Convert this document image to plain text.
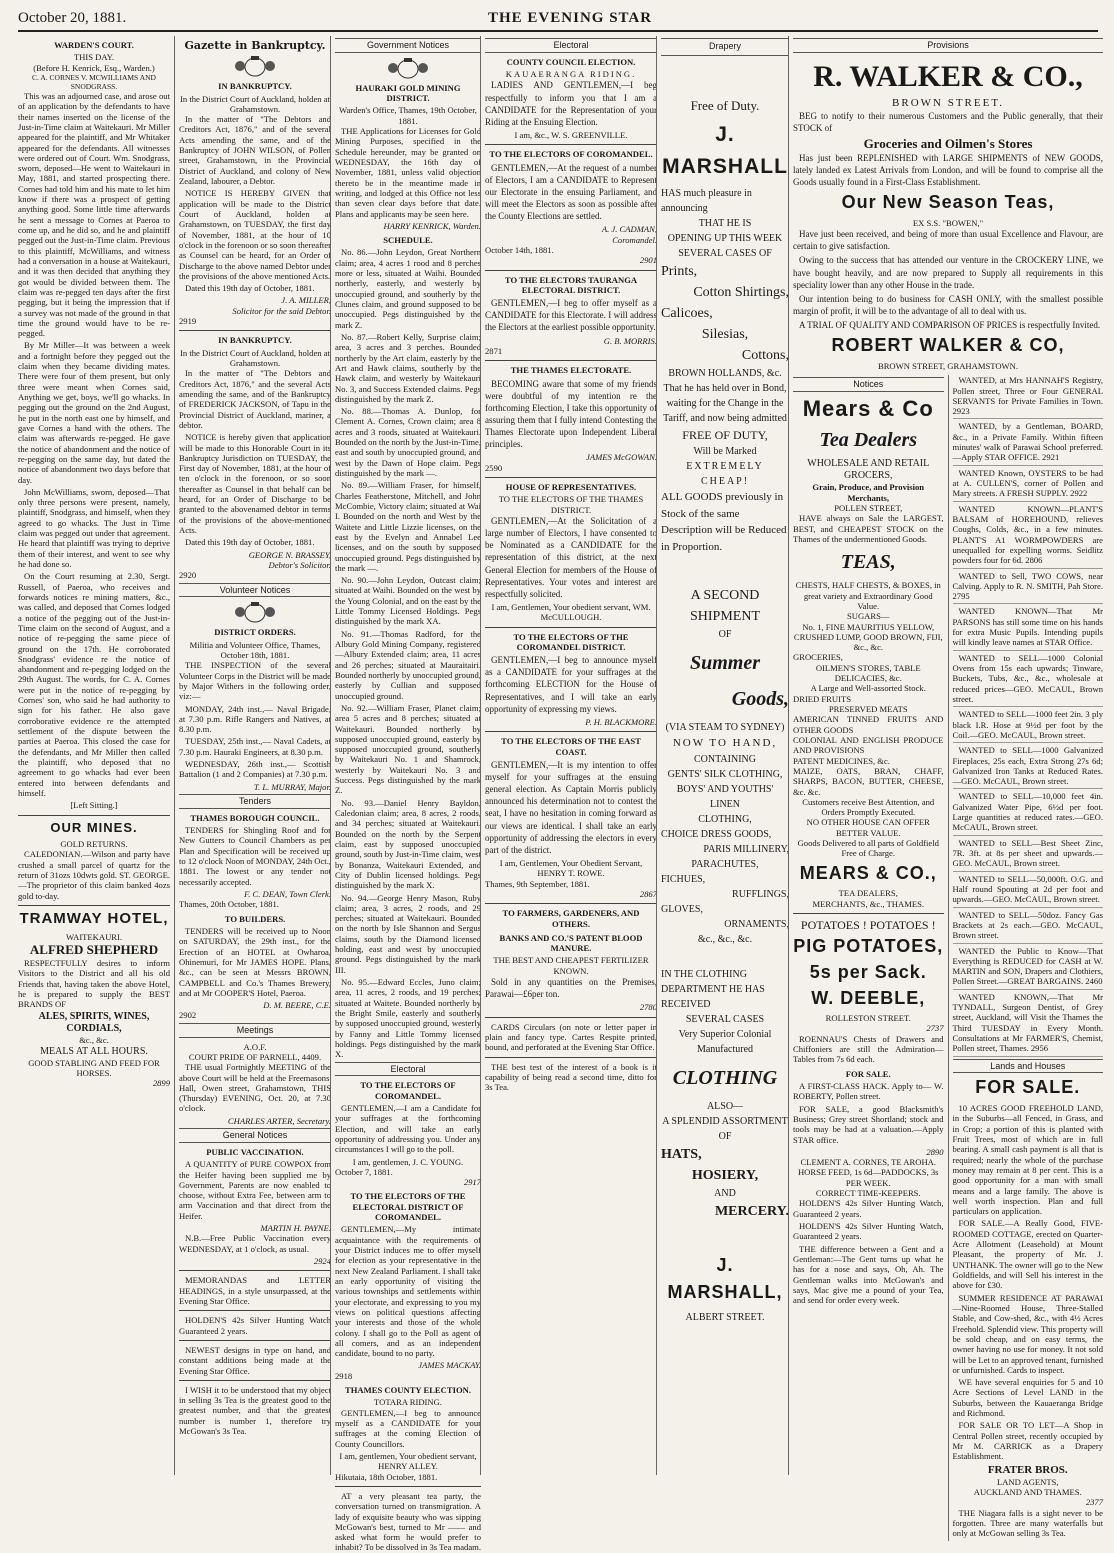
October 20, 1881.	THE EVENING STAR
WARDEN'S COURT.
THIS DAY.
(Before H. Kenrick, Esq., Warden.)
C. A. CORNES V. MCWILLIAMS AND SNODGRASS.

This was an adjourned case, and arose out of an application by the defendants to have their names inserted on the license of the Just-in-Time claim at Waitekauri. Mr Miller appeared for the plaintiff, and Mr Whitaker appeared for the defendants. All witnesses were ordered out of Court. Wm. Snodgrass, sworn, deposed—He went to Waitekauri in May, 1881, and started prospecting there. Cornes had told him and his mate to let him know if there was a prospect of getting anything good. Some little time afterwards he sent a message to Cornes at Paeroa to come up, and he did so, and he and plaintiff pegged out the Just-in-Time claim. Previous to this plaintiff, McWilliams, and witness had a conversation in a house at Waitekauri, and it was then decided that anything they got would be divided between them. The claim was re-pegged ten days after the first pegging, but it being the impression that if a survey was not made of the ground in that time the ground would have to be re-pegged.

By Mr Miller—It was between a week and a fortnight before they pegged out the claim when they became dividing mates. There were four of them present, but only three were meant when Cornes said, Anything we get, boys, we'll go whacks. In pegging out the ground on the 2nd August, he put in the north east one by himself, and gave Cornes a hand with the others. The claim was afterwards re-pegged. He gave the notice of abandonment and the notice of re-pegging on the same day, but dated the notice of abandonment two days before that day.

John McWilliams, sworn, deposed—That only three persons were present, namely, plaintiff, Snodgrass, and himself, when they agreed to go whacks. The Just in Time claim was pegged out under that agreement. He heard that plaintiff was trying to deprive them of their interest, and went to see why he had done so.

On the Court resuming at 2.30, Sergt. Russell, of Paeroa, who receives and forwards notices re mining matters, &c., was called, and deposed that Cornes lodged a notice of the pegging out of the Just-in-Time claim on the second of August, and a notice of re-pegging the same piece of ground on the 17th. He corroborated Snodgrass' evidence re the notice of abandonment and re-pegging lodged on the 29th August. The words, for C. A. Cornes were put in the notice of re-pegging by Cornes' son, who said he had authority to sign for his father. He also gave corroborative evidence re the attempted settlement of the dispute between the parties at Paeroa. This closed the case for the defendants, and Mr Miller then called the plaintiff, who deposed that no agreement to go whacks had ever been entered into between defendants and himself.

[Left Sitting.]
OUR MINES.
GOLD RETURNS.

CALEDONIAN.—Wilson and party have crushed a small parcel of quartz for the return of 31ozs 10dwts gold. ST. GEORGE.—The proprietor of this claim banked 4ozs gold to-day.

TRAMWAY HOTEL,
WAITEKAURI.
ALFRED SHEPHERD

RESPECTFULLY desires to inform Visitors to the District and all his old Friends that, having taken the above Hotel, he is prepared to supply the BEST BRANDS OF

ALES, SPIRITS, WINES, CORDIALS,
&c., &c.
MEALS AT ALL HOURS.
GOOD STABLING AND FEED FOR HORSES.
2899
Gazette in Bankruptcy.
IN BANKRUPTCY.
In the District Court of Auckland, holden at Grahamstown.

In the matter of "The Debtors and Creditors Act, 1876," and of the several Acts amending the same, and of the Bankruptcy of JOHN WILSON, of Pollen street, Grahamstown, in the Provincial District of Auckland, and colony of New Zealand, labourer, a Debtor.

NOTICE IS HEREBY GIVEN that application will be made to the District Court of Auckland, holden at Grahamstown, on TUESDAY, the first day of November, 1881, at the hour of 10 o'clock in the forenoon or so soon thereafter as Counsel can be heard, for an Order of Discharge to the above named Debtor under the provisions of the above mentioned Acts.

Dated this 19th day of October, 1881.

J. A. MILLER,
Solicitor for the said Debtor.
2919
IN BANKRUPTCY.
In the District Court of Auckland, holden at Grahamstown.

In the matter of "The Debtors and Creditors Act, 1876," and the several Acts amending the same, and of the Bankruptcy of FREDERICK JACKSON, of Tapu in the Provincial District of Auckland, mariner, a debtor.

NOTICE is hereby given that application will be made to this Honorable Court in its Bankruptcy Jurisdiction on TUESDAY, the First day of November, 1881, at the hour of ten o'clock in the forenoon, or so soon thereafter as Counsel in that behalf can be heard, for an Order of Discharge to be granted to the abovenamed debtor in terms of the provisions of the above-mentioned Acts.

Dated this 19th day of October, 1881.

GEORGE N. BRASSEY,
Debtor's Solicitor.
2920
Volunteer Notices
DISTRICT ORDERS.
Militia and Volunteer Office, Thames, October 18th, 1881.

THE INSPECTION of the several Volunteer Corps in the District will be made by Major Withers in the following order, viz:—

MONDAY, 24th inst.,— Naval Brigade, at 7.30 p.m. Rifle Rangers and Natives, at 8.30 p.m.

TUESDAY, 25th inst.,— Naval Cadets, at 7.30 p.m. Hauraki Engineers, at 8.30 p.m.

WEDNESDAY, 26th inst.,— Scottish Battalion (1 and 2 Companies) at 7.30 p.m.

T. L. MURRAY, Major.
Tenders
THAMES BOROUGH COUNCIL.

TENDERS for Shingling Roof and for New Gutters to Council Chambers as per Plan and Specification will be received up to 12 o'clock Noon of MONDAY, 24th Oct., 1881. The lowest or any tender not necessarily accepted.

F. C. DEAN, Town Clerk.
Thames, 20th October, 1881.
TO BUILDERS.

TENDERS will be received up to Noon on SATURDAY, the 29th inst., for the Erection of an HOTEL at Owharoa, Ohinemuri, for Mr JAMES HOPE. Plans, &c., can be seen at Messrs BROWN, CAMPBELL and Co.'s Thames Brewery, and at Mr COOPER'S Hotel, Paeroa.

D. M. BEERE, C.E.
2902
Meetings
A.O.F.
COURT PRIDE OF PARNELL, 4409.

THE usual Fortnightly MEETING of the above Court will be held at the Freemasons' Hall, Owen street, Grahamstown, THIS (Thursday) EVENING, Oct. 20, at 7.30 o'clock.

CHARLES ARTER, Secretary.
General Notices
PUBLIC VACCINATION.

A QUANTITY of PURE COWPOX from the Heifer having been supplied me by Government, Parents are now enabled to choose, without Extra Fee, between arm to arm Vaccination and that direct from the Heifer.

MARTIN H. PAYNE.

N.B.—Free Public Vaccination every WEDNESDAY, at 1 o'clock, as usual.

2924

MEMORANDAS and LETTER HEADINGS, in a style unsurpassed, at the Evening Star Office.

HOLDEN'S 42s Silver Hunting Watch Guaranteed 2 years.

NEWEST designs in type on hand, and constant additions being made at the Evening Star Office.

I WISH it to be understood that my object in selling 3s Tea is the greatest good to the greatest number, and that the greatest number is number 1, therefore try McGowan's 3s Tea.

Government Notices
HAURAKI GOLD MINING DISTRICT.
Warden's Office, Thames, 19th October, 1881.

THE Applications for Licenses for Gold Mining Purposes, specified in the Schedule hereunder, may be granted on WEDNESDAY, the 16th day of November, 1881, unless valid objection thereto be in the meantime made in writing, and lodged at this Office not less than seven clear days before that date. Plans and applicants may be seen here.

HARRY KENRICK, Warden.
SCHEDULE.

No. 86.—John Leydon, Great Northern claim; area, 4 acres 1 rood and 8 perches more or less, situated at Waihi. Bounded northerly, easterly, and westerly by unoccupied ground, and southerly by the Clunes claim, and ground supposed to be unoccupied. Pegs distinguished by the mark Z.

No. 87.—Robert Kelly, Surprise claim; area, 3 acres and 3 perches. Bounded northerly by the Art claim, easterly by the Art and Hawk claims, southerly by the Hawk claim, and westerly by Waitekauri No. 3, and Success Extended claims. Pegs distinguished by the mark Z.

No. 88.—Thomas A. Dunlop, for Clement A. Cornes, Crown claim; area 8 acres and 3 roods, situated at Waitekauri. Bounded on the north by the Just-in-Time, east and south by unoccupied ground, and west by the Dawn of Hope claim. Pegs distinguished by the mark —.

No. 89.—William Fraser, for himself, Charles Featherstone, Mitchell, and John McCombie, Victory claim; situated at Wai I. Bounded on the north and West by the Waitete and Little Lizzie licenses, on the east by the Evelyn and Annabel Lee licenses, and on the south by supposed unoccupied ground. Pegs distinguished by the mark —.

No. 90.—John Leydon, Outcast claim; situated at Waihi. Bounded on the west by the Young Colonial, and on the east by the Little Tommy Licensed Holdings. Pegs distinguished by the mark XA.

No. 91.—Thomas Radford, for the Albury Gold Mining Company, registered—Albury Extended claim; area, 11 acres and 26 perches; situated at Mauraitairi. Bounded northerly by unoccupied ground, easterly by Cullian and supposed unoccupied ground.

No. 92.—William Fraser, Planet claim; area 5 acres and 8 perches; situated at Waitekauri. Bounded northerly by supposed unoccupied ground, easterly by supposed unoccupied ground, southerly by Waitekauri No. 1 and Shamrock, westerly by Waitekauri No. 3 and Success. Pegs distinguished by the mark Z.

No. 93.—Daniel Henry Bayldon, Caledonian claim; area, 8 acres, 2 roods, and 34 perches; situated at Waitekauri. Bounded on the north by the Serpent claim, east by supposed unoccupied ground, south by Just-in-Time claim, west by Bonanza, Waitekauri Extended, and City of Dublin licensed holdings. Pegs distinguished by the mark X.

No. 94.—George Henry Mason, Ruby claim; area, 3 acres, 2 roods, and 29 perches; situated at Waitekauri. Bounded on the north by Isle Shannon and Sergus claims, south by the Diamond licensed holding, east and west by unoccupied ground. Pegs distinguished by the mark III.

No. 95.—Edward Eccles, Juno claim; area, 11 acres, 2 roods, and 19 perches; situated at Waitete. Bounded northerly by the Bright Smile, easterly and southerly by supposed unoccupied ground, westerly by Fanny and Little Tommy licensed holdings. Pegs distinguished by the mark X.

Electoral
TO THE ELECTORS OF COROMANDEL.

GENTLEMEN,—I am a Candidate for your suffrages at the forthcoming Election, and will take an early opportunity of addressing you. Under any circumstances I will go to the poll.

I am, gentlemen, J. C. YOUNG.
October 7, 1881.
2917
TO THE ELECTORS OF THE ELECTORAL DISTRICT OF COROMANDEL.

GENTLEMEN,—My intimate acquaintance with the requirements of your District induces me to offer myself for election as your representative in the next New Zealand Parliament. I shall take an early opportunity of visiting the various townships and settlements within your electorate, and expressing to you my views on political questions affecting your interests and those of the whole colony. I shall go to the Poll as agent of all comers, and as an independent candidate, bound to no party.

JAMES MACKAY.
2918
THAMES COUNTY ELECTION.
TOTARA RIDING.

GENTLEMEN,—I beg to announce myself as a CANDIDATE for your suffrages at the coming Election of County Councillors.

I am, gentlemen, Your obedient servant, HENRY ALLEY.
Hikutaia, 18th October, 1881.

AT a very pleasant tea party, the conversation turned on transmigration. A lady of exquisite beauty who was sipping McGowan's best, turned to Mr —— and asked what form he would prefer to inhabit? To be dissolved in 3s Tea madam.

Electoral
COUNTY COUNCIL ELECTION.
KAUAERANGA RIDING.

LADIES AND GENTLEMEN,—I beg respectfully to inform you that I am a CANDIDATE for the Representation of your Riding at the Ensuing Election.

I am, &c., W. S. GREENVILLE.
TO THE ELECTORS OF COROMANDEL.

GENTLEMEN,—At the request of a number of Electors, I am a CANDIDATE to Represent our Electorate in the ensuing Parliament, and will meet the Electors as soon as possible after the County Elections are settled.

A. J. CADMAN,
Coromandel.
October 14th, 1881.
2901
TO THE ELECTORS TAURANGA ELECTORAL DISTRICT.

GENTLEMEN,—I beg to offer myself as a CANDIDATE for this Electorate. I will address the Electors at the earliest possible opportunity.

G. B. MORRIS.
2871
THE THAMES ELECTORATE.

BECOMING aware that some of my friends were doubtful of my intention re the forthcoming Election, I take this opportunity of assuring them that I fully intend Contesting the Thames Electorate upon Independent Liberal principles.

JAMES McGOWAN.
2590
HOUSE OF REPRESENTATIVES.
TO THE ELECTORS OF THE THAMES DISTRICT.

GENTLEMEN,—At the Solicitation of a large number of Electors, I have consented to be Nominated as a CANDIDATE for the representation of this district, at the next General Election for members of the House of Representatives. Your votes and interest are respectfully solicited.

I am, Gentlemen, Your obedient servant, WM. McCULLOUGH.
TO THE ELECTORS OF THE COROMANDEL DISTRICT.

GENTLEMEN,—I beg to announce myself as a CANDIDATE for your suffrages at the forthcoming ELECTION for the House of Representatives, and I will take an early opportunity of expressing my views.

P. H. BLACKMORE.
TO THE ELECTORS OF THE EAST COAST.

GENTLEMEN,—It is my intention to offer myself for your suffrages at the ensuing general election. As Captain Morris publicly announced his determination not to contest the seat, I have no hesitation in coming forward as our views are identical. I shall take an early opportunity of addressing the electors in every part of the district.

I am, Gentlemen, Your Obedient Servant, HENRY T. ROWE.
Thames, 9th September, 1881.
2867
TO FARMERS, GARDENERS, AND OTHERS.
BANKS AND CO.'S PATENT BLOOD MANURE.
THE BEST AND CHEAPEST FERTILIZER KNOWN.

Sold in any quantities on the Premises, Parawai—£6per ton.

2780

CARDS Circulars (on note or letter paper in plain and fancy type. Cartes Respite printed, bound, and perforated at the Evening Star Office.

THE best test of the interest of a book is it capability of being read a second time, ditto for 3s Tea.

Drapery
Free of Duty.
J. MARSHALL
HAS much pleasure in announcing
THAT HE IS
OPENING UP THIS WEEK
SEVERAL CASES OF
Prints,
Cotton Shirtings,
Calicoes,
Silesias,
Cottons,
BROWN HOLLANDS, &c.
That he has held over in Bond, waiting for the Change in the Tariff, and now being admitted
FREE OF DUTY,
Will be Marked
EXTREMELY CHEAP!
ALL GOODS previously in Stock of the same Description will be Reduced in Proportion.
A SECOND SHIPMENT
OF
Summer
Goods,
(VIA STEAM TO SYDNEY)
NOW TO HAND,
CONTAINING
GENTS' SILK CLOTHING,
BOYS' AND YOUTHS' LINEN
CLOTHING,
CHOICE DRESS GOODS,
PARIS MILLINERY,
PARACHUTES,
FICHUES,
RUFFLINGS,
GLOVES,
ORNAMENTS,
&c., &c., &c.
IN THE CLOTHING DEPARTMENT HE HAS RECEIVED
SEVERAL CASES
Very Superior Colonial Manufactured
CLOTHING
ALSO—
A SPLENDID ASSORTMENT OF
HATS,
HOSIERY,
AND
MERCERY.
J. MARSHALL,
ALBERT STREET.
Provisions
R. WALKER & CO.,
BROWN STREET.

BEG to notify to their numerous Customers and the Public generally, that their STOCK of

Groceries and Oilmen's Stores

Has just been REPLENISHED with LARGE SHIPMENTS of NEW GOODS, lately landed ex Latest Arrivals from London, and will be found to comprise all the Goods usually found in a First-Class Establishment.

Our New Season Teas,
EX S.S. "BOWEN,"

Have just been received, and being of more than usual Excellence and Flavour, are certain to give satisfaction.

Owing to the success that has attended our venture in the CROCKERY LINE, we have bought heavily, and are now prepared to Supply all requirements in this speciality lower than any other House in the trade.

Our intention being to do business for CASH ONLY, with the smallest possible margin of profit, it will be to the advantage of all to deal with us.

A TRIAL OF QUALITY AND COMPARISON OF PRICES is respectfully Invited.

ROBERT WALKER & CO,
BROWN STREET, GRAHAMSTOWN.
Notices
Mears & Co
Tea Dealers
WHOLESALE AND RETAIL GROCERS,
Grain, Produce, and Provision Merchants,
POLLEN STREET,

HAVE always on Sale the LARGEST, BEST, and CHEAPEST STOCK on the Thames of the undermentioned Goods.

TEAS,
CHESTS, HALF CHESTS, & BOXES, in great variety and Extraordinary Good Value.
SUGARS—
No. 1, FINE MAURITIUS YELLOW, CRUSHED LUMP, GOOD BROWN, FIJI, &c., &c.
GROCERIES,
OILMEN'S STORES, TABLE DELICACIES, &c.
A Large and Well-assorted Stock.
DRIED FRUITS
PRESERVED MEATS
AMERICAN TINNED FRUITS AND OTHER GOODS
COLONIAL AND ENGLISH PRODUCE AND PROVISIONS
PATENT MEDICINES, &c.
MAIZE, OATS, BRAN, CHAFF, SHARPS, BACON, BUTTER, CHEESE, &c. &c.
Customers receive Best Attention, and Orders Promptly Executed.
NO OTHER HOUSE CAN OFFER BETTER VALUE.
Goods Delivered to all parts of Goldfield Free of Charge.
MEARS & CO.,
TEA DEALERS,
MERCHANTS, &c., THAMES.
POTATOES ! POTATOES !
PIG POTATOES,
5s per Sack.
W. DEEBLE,
ROLLESTON STREET.
2737

ROENNAU'S Chests of Drawers and Chiffoniers are still the Admiration—Tables from 7s 6d each.

FOR SALE.

A FIRST-CLASS HACK. Apply to— W. ROBERTY, Pollen street.

FOR SALE, a good Blacksmith's Business; Grey street Shortland; stock and tools may be had at a valuation.—Apply STAR office.

2890
CLEMENT A. CORNES, TE AROHA.
HORSE FEED, 1s 6d—PADDOCKS, 3s PER WEEK.
CORRECT TIME-KEEPERS.

HOLDEN'S 42s Silver Hunting Watch, Guaranteed 2 years.

HOLDEN'S 42s Silver Hunting Watch, Guaranteed 2 years.

THE difference between a Gent and a Gentleman:—The Gent turns up what he has for a nose and says, Oh, Ah. The Gentleman walks into McGowan's and says, Mac give me a pound of your Tea, and send for order every week.

WANTED, at Mrs HANNAH'S Registry, Pollen street, Three or Four GENERAL SERVANTS for Private Families in Town. 2923

WANTED, by a Gentleman, BOARD, &c., in a Private Family. Within fifteen minutes' walk of Parawai School preferred.—Apply STAR OFFICE. 2921

WANTED Known, OYSTERS to be had at A. CULLEN'S, corner of Pollen and Mary streets. A FRESH SUPPLY. 2922

WANTED KNOWN—PLANT'S BALSAM of HOREHOUND, relieves Coughs, Colds, &c., in a few minutes. PLANT'S A1 WORMPOWDERS are unequalled for expelling worms. Seidlitz powders four for 6d. 2806

WANTED to Sell, TWO COWS, near Calving. Apply to R. N. SMITH, Pah Store. 2795

WANTED KNOWN—That Mr PARSONS has still some time on his hands for extra Music Pupils. Intending pupils will kindly leave names at STAR Office.

WANTED to SELL—1000 Colonial Ovens from 15s each upwards; Tinware, Buckets, Tubs, &c., &c., wholesale at reduced prices—GEO. McCAUL, Brown street.

WANTED to SELL—1000 feet 2in. 3 ply black I.R. Hose at 9½d per foot by the Coil.—GEO. McCAUL, Brown street.

WANTED to SELL—1000 Galvanized Fireplaces, 25s each, Extra Strong 27s 6d; Galvanized Iron Tanks at Reduced Rates.—GEO. McCAUL, Brown street.

WANTED to SELL—10,000 feet 4in. Galvanized Water Pipe, 6½d per foot. Large quantities at reduced rates.—GEO. McCAUL, Brown street.

WANTED to SELL—Best Sheet Zinc, 7R. 3ft. at 8s per sheet and upwards.—GEO. McCAUL, Brown street.

WANTED to SELL—50,000ft. O.G. and Half round Spouting at 2d per foot and upwards.—GEO. McCAUL, Brown street.

WANTED to SELL—50doz. Fancy Gas Brackets at 2s each.—GEO. McCAUL, Brown street.

WANTED the Public to Know—That Everything is REDUCED for CASH at W. MARTIN and SON, Drapers and Clothiers, Pollen Street.—GREAT BARGAINS. 2460

WANTED KNOWN,—That Mr TYNDALL, Surgeon Dentist, of Grey street, Auckland, will Visit the Thames the Third TUESDAY in Every Month. Consultations at Mr FARMER'S, Chemist, Pollen street, Thames. 2956

Lands and Houses
FOR SALE.

10 ACRES GOOD FREEHOLD LAND, in the Suburbs—all Fenced, in Grass, and in Crop; a portion of this is planted with Fruit Trees, most of which are in full bearing. A small cash payment is all that is required; nearly the whole of the purchase money may remain at 8 per cent. This is a good opportunity for a man with small means and a large family. The above is well worth inspection. Plan and full particulars on application.

FOR SALE.—A Really Good, FIVE-ROOMED COTTAGE, erected on Quarter-Acre Allotment (Leasehold) at Mount Pleasant, the property of Mr. J. UNTHANK. The owner will go to the New Goldfields, and will Sell his interest in the above for £30.

SUMMER RESIDENCE AT PARAWAI—Nine-Roomed House, Three-Stalled Stable, and Cow-shed, &c., with 4½ Acres Freehold. Splendid view. This property will be sold cheap, and on easy terms, the owner having no use for money. It not sold will be Let to an approved tenant, furnished or unfurnished. Cards to inspect.

WE have several enquiries for 5 and 10 Acre Sections of Level LAND in the Suburbs, between the Kauaeranga Bridge and Richmond.

FOR SALE OR TO LET—A Shop in Central Pollen street, recently occupied by Mr M. CARRICK as a Drapery Establishment.

FRATER BROS.
LAND AGENTS,
AUCKLAND AND THAMES.
2377

THE Niagara falls is a sight never to be forgotten. Three are many waterfalls but only at McGowan selling 3s Tea.
